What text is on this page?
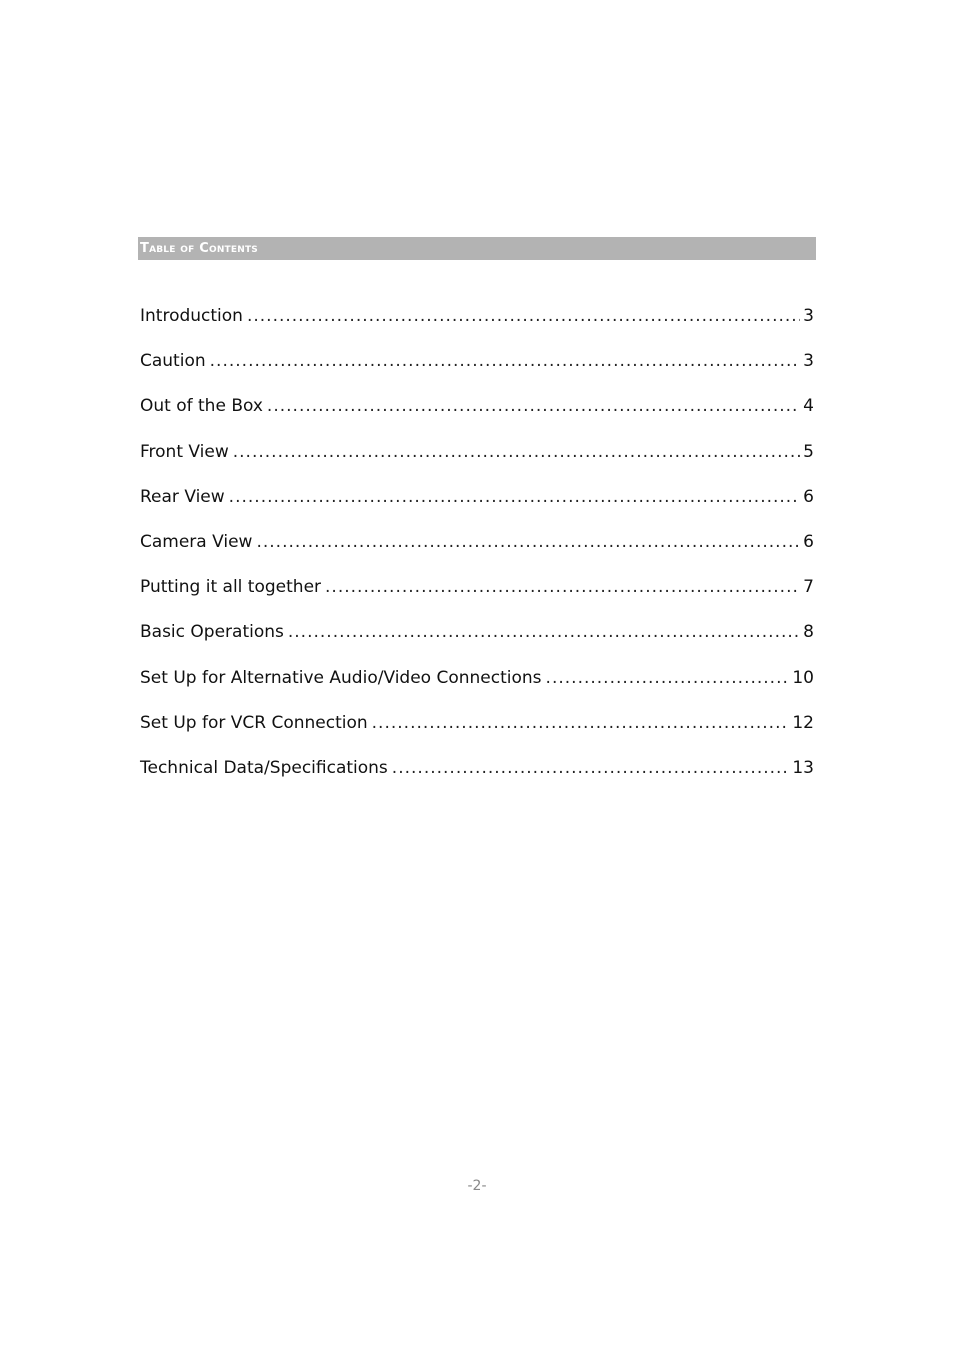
Table of Contents
Introduction .....	3
Caution .....	3
Out of the Box .....	4
Front View .....	5
Rear View .....	6
Camera View .....	6
Putting it all together .....	7
Basic Operations .....	8
Set Up for Alternative Audio/Video Connections .....	10
Set Up for VCR Connection .....	12
Technical Data/Specifications .....	13
-2-
